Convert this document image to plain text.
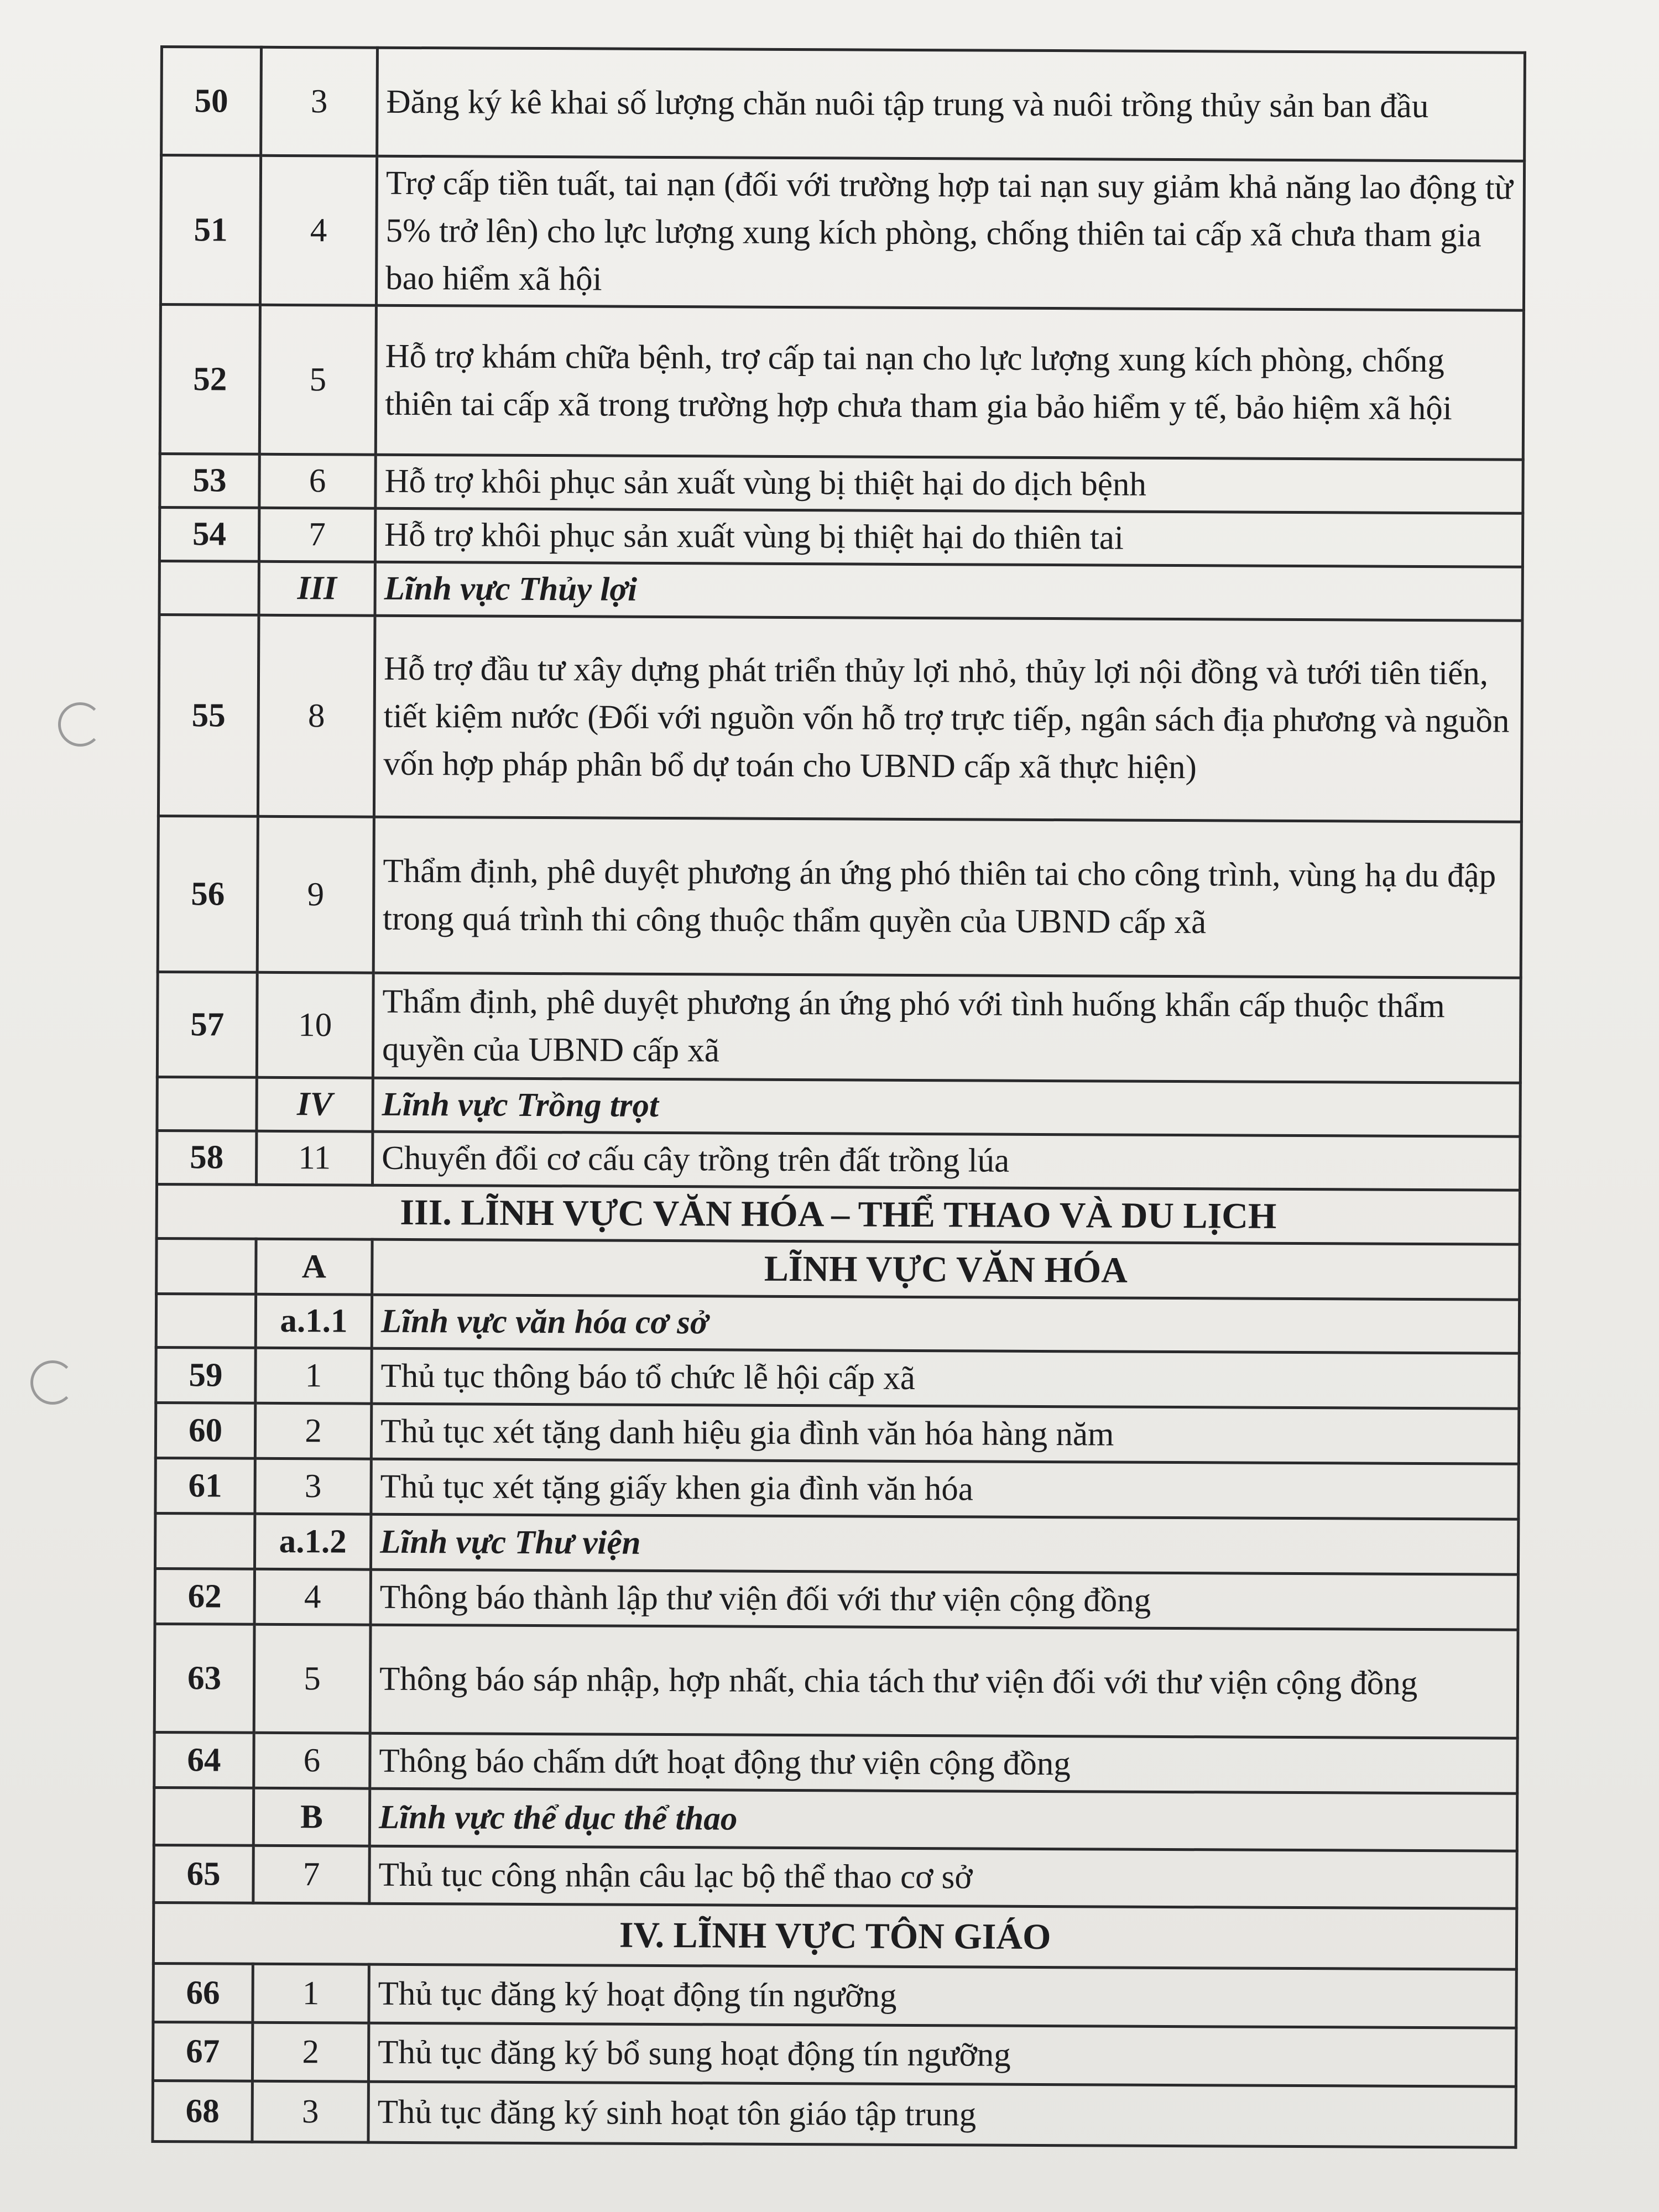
50	3	Đăng ký kê khai số lượng chăn nuôi tập trung và nuôi trồng thủy sản ban đầu
51	4	Trợ cấp tiền tuất, tai nạn (đối với trường hợp tai nạn suy giảm khả năng lao động từ 5% trở lên) cho lực lượng xung kích phòng, chống thiên tai cấp xã chưa tham gia bao hiểm xã hội
52	5	Hỗ trợ khám chữa bệnh, trợ cấp tai nạn cho lực lượng xung kích phòng, chống thiên tai cấp xã trong trường hợp chưa tham gia bảo hiểm y tế, bảo hiệm xã hội
53	6	Hỗ trợ khôi phục sản xuất vùng bị thiệt hại do dịch bệnh
54	7	Hỗ trợ khôi phục sản xuất vùng bị thiệt hại do thiên tai
	III	Lĩnh vực Thủy lợi
55	8	Hỗ trợ đầu tư xây dựng phát triển thủy lợi nhỏ, thủy lợi nội đồng và tưới tiên tiến, tiết kiệm nước (Đối với nguồn vốn hỗ trợ trực tiếp, ngân sách địa phương và nguồn vốn hợp pháp phân bổ dự toán cho UBND cấp xã thực hiện)
56	9	Thẩm định, phê duyệt phương án ứng phó thiên tai cho công trình, vùng hạ du đập trong quá trình thi công thuộc thẩm quyền của UBND cấp xã
57	10	Thẩm định, phê duyệt phương án ứng phó với tình huống khẩn cấp thuộc thẩm quyền của UBND cấp xã
	IV	Lĩnh vực Trồng trọt
58	11	Chuyển đổi cơ cấu cây trồng trên đất trồng lúa
III. LĨNH VỰC VĂN HÓA – THỂ THAO VÀ DU LỊCH		
	A	LĨNH VỰC VĂN HÓA
	a.1.1	Lĩnh vực văn hóa cơ sở
59	1	Thủ tục thông báo tổ chức lễ hội cấp xã
60	2	Thủ tục xét tặng danh hiệu gia đình văn hóa hàng năm
61	3	Thủ tục xét tặng giấy khen gia đình văn hóa
	a.1.2	Lĩnh vực Thư viện
62	4	Thông báo thành lập thư viện đối với thư viện cộng đồng
63	5	Thông báo sáp nhập, hợp nhất, chia tách thư viện đối với thư viện cộng đồng
64	6	Thông báo chấm dứt hoạt động thư viện cộng đồng
	B	Lĩnh vực thể dục thể thao
65	7	Thủ tục công nhận câu lạc bộ thể thao cơ sở
IV. LĨNH VỰC TÔN GIÁO		
66	1	Thủ tục đăng ký hoạt động tín ngưỡng
67	2	Thủ tục đăng ký bổ sung hoạt động tín ngưỡng
68	3	Thủ tục đăng ký sinh hoạt tôn giáo tập trung
